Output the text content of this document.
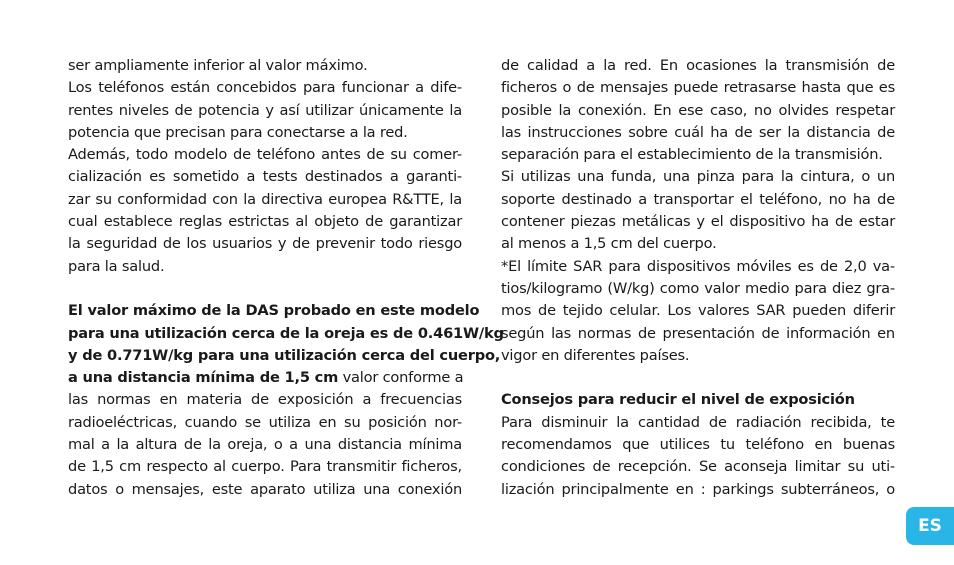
ser ampliamente inferior al valor máximo.
Los teléfonos están concebidos para funcionar a dife-
rentes niveles de potencia y así utilizar únicamente la
potencia que precisan para conectarse a la red.
Además, todo modelo de teléfono antes de su comer-
cialización es sometido a tests destinados a garanti-
zar su conformidad con la directiva europea R&TTE, la
cual establece reglas estrictas al objeto de garantizar
la seguridad de los usuarios y de prevenir todo riesgo
para la salud.
El valor máximo de la DAS probado en este modelo
para una utilización cerca de la oreja es de 0.461W/kg
y de 0.771W/kg para una utilización cerca del cuerpo,
a una distancia mínima de 1,5 cm valor conforme a
las normas en materia de exposición a frecuencias
radioeléctricas, cuando se utiliza en su posición nor-
mal a la altura de la oreja, o a una distancia mínima
de 1,5 cm respecto al cuerpo. Para transmitir ficheros,
datos o mensajes, este aparato utiliza una conexión
de calidad a la red. En ocasiones la transmisión de
ficheros o de mensajes puede retrasarse hasta que es
posible la conexión. En ese caso, no olvides respetar
las instrucciones sobre cuál ha de ser la distancia de
separación para el establecimiento de la transmisión.
Si utilizas una funda, una pinza para la cintura, o un
soporte destinado a transportar el teléfono, no ha de
contener piezas metálicas y el dispositivo ha de estar
al menos a 1,5 cm del cuerpo.
*El límite SAR para dispositivos móviles es de 2,0 va-
tios/kilogramo (W/kg) como valor medio para diez gra-
mos de tejido celular. Los valores SAR pueden diferir
según las normas de presentación de información en
vigor en diferentes países.
Consejos para reducir el nivel de exposición
Para disminuir la cantidad de radiación recibida, te
recomendamos que utilices tu teléfono en buenas
condiciones de recepción. Se aconseja limitar su uti-
lización principalmente en : parkings subterráneos, o
ES
